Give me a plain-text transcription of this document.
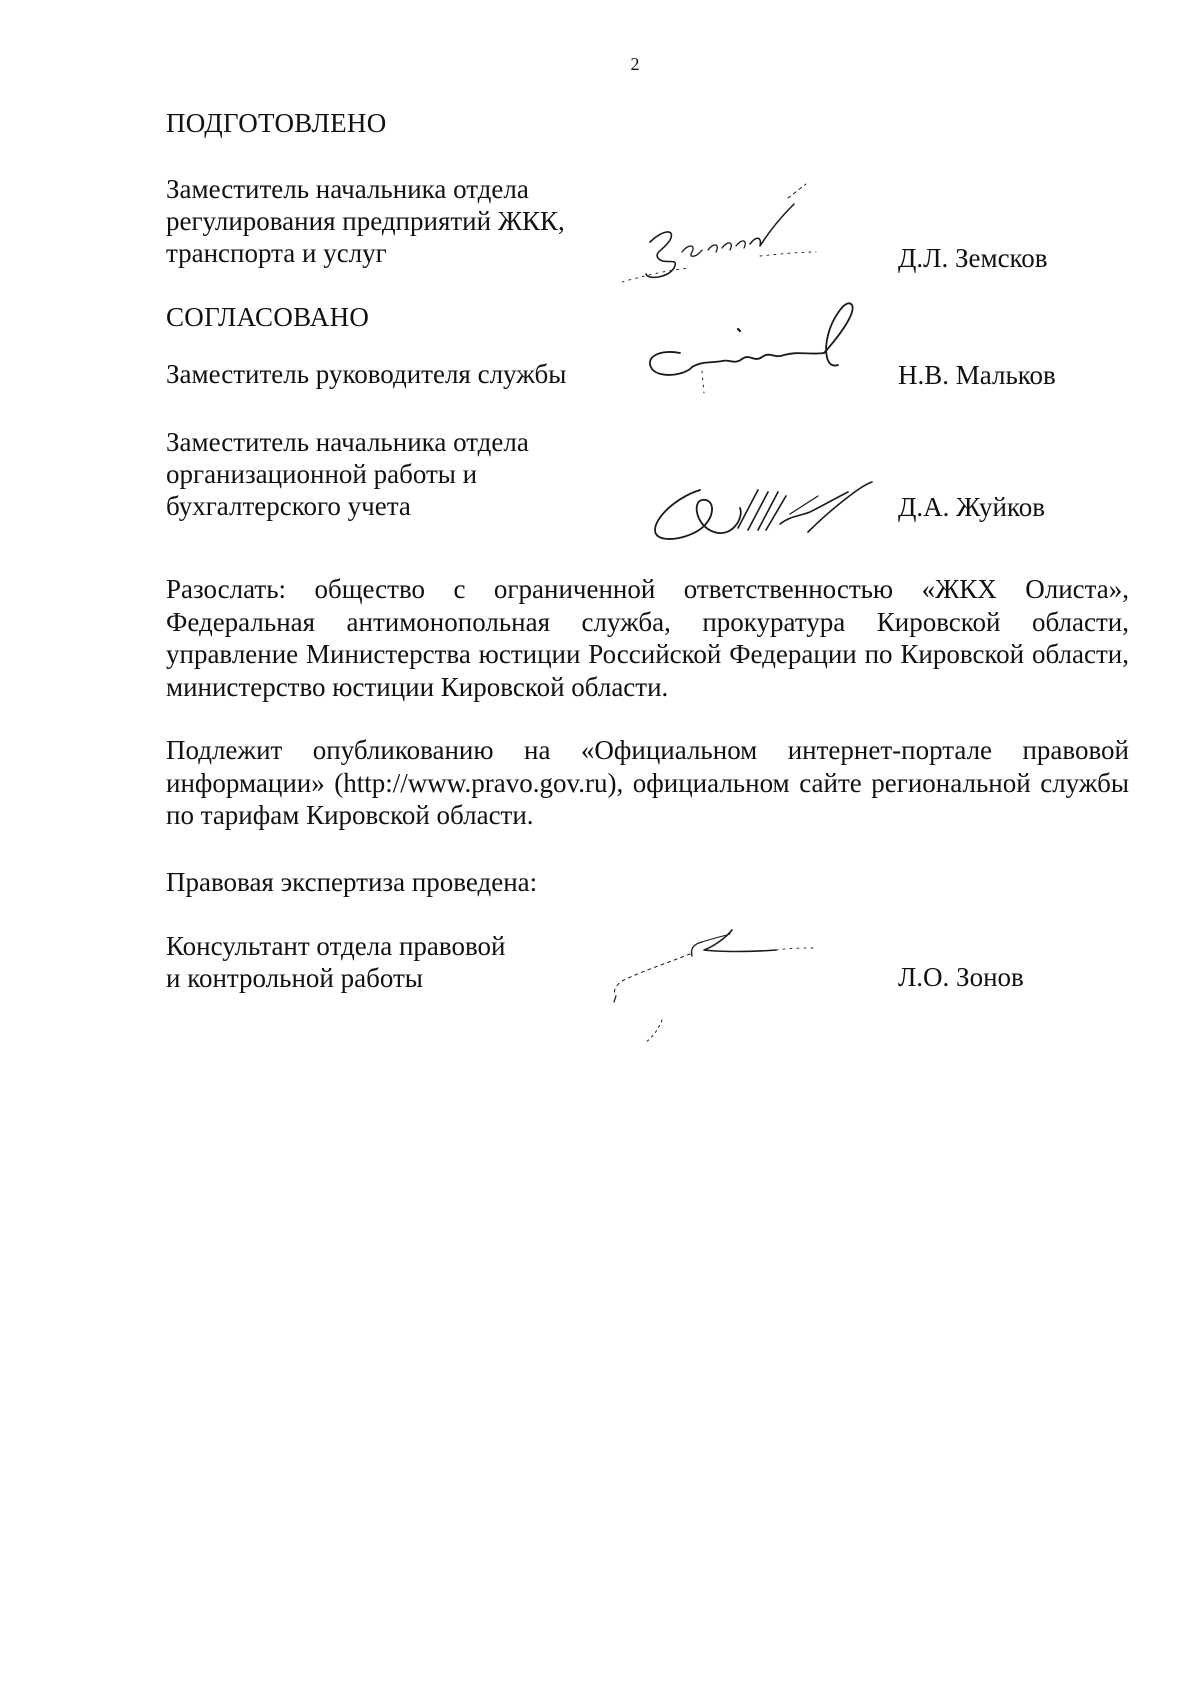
2
ПОДГОТОВЛЕНО
Заместитель начальника отдела
регулирования предприятий ЖКК,
транспорта и услуг	Д.Л. Земсков
СОГЛАСОВАНО
Заместитель руководителя службы	Н.В. Мальков
Заместитель начальника отдела
организационной работы и
бухгалтерского учета	Д.А. Жуйков
Разослать: общество с ограниченной ответственностью «ЖКХ Олиста», Федеральная антимонопольная служба, прокуратура Кировской области, управление Министерства юстиции Российской Федерации по Кировской области, министерство юстиции Кировской области.
Подлежит опубликованию на «Официальном интернет-портале правовой информации» (http://www.pravo.gov.ru), официальном сайте региональной службы по тарифам Кировской области.
Правовая экспертиза проведена:
Консультант отдела правовой
и контрольной работы	Л.О. Зонов
